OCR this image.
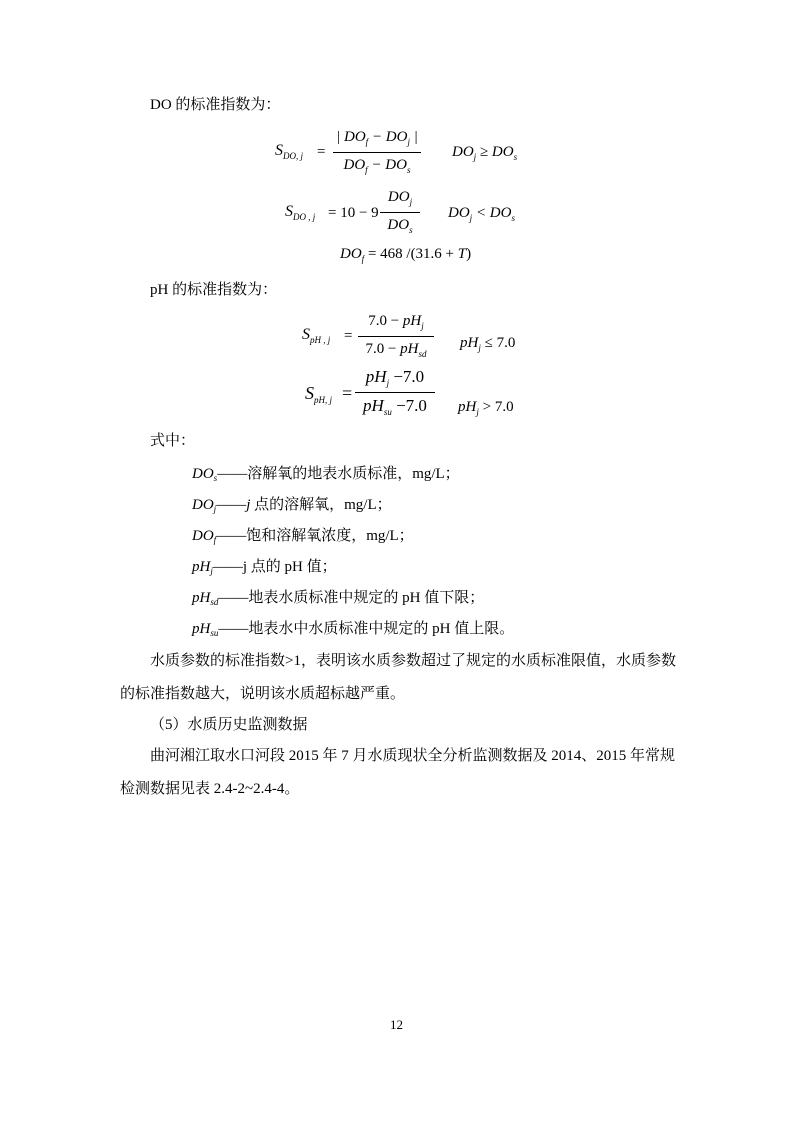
DO 的标准指数为：
$S_{DO, j}$ =
| $DO_f - DO_j$ |
$DO_f - DO_s$
$DO_j \ge DO_s$
$S_{DO , j} = 10 - 9$
$DO_j$
$DO_s$
$DO_j < DO_s$
$DO_f = 468$ /(31.6 + T)
pH 的标准指数为：
$S_{pH , j}$ =
$7.0 - pH_j$
$7.0 - pH_{sd}$
$pH_j \le 7.0$
$S_{pH, j}$ =
$pH_j -7.0$
$pH_{su} -7.0$	$pH_j > 7.0$
式中：
$DO_s——$溶解氧的地表水质标准，mg/L；
$DO_j——j$ 点的溶解氧，mg/L；
$DO_f——$饱和溶解氧浓度，mg/L；
$pH_j——j$ 点的 pH 值；
$pH_{sd}——$地表水质标准中规定的 pH 值下限；
$pH_{su}——$地表水中水质标准中规定的 pH 值上限。
水质参数的标准指数>1，表明该水质参数超过了规定的水质标准限值，水质参数的标准指数越大，说明该水质超标越严重。
（5）水质历史监测数据
曲河湘江取水口河段 2015 年 7 月水质现状全分析监测数据及 2014、2015 年常规检测数据见表 2.4-2~2.4-4。
12
